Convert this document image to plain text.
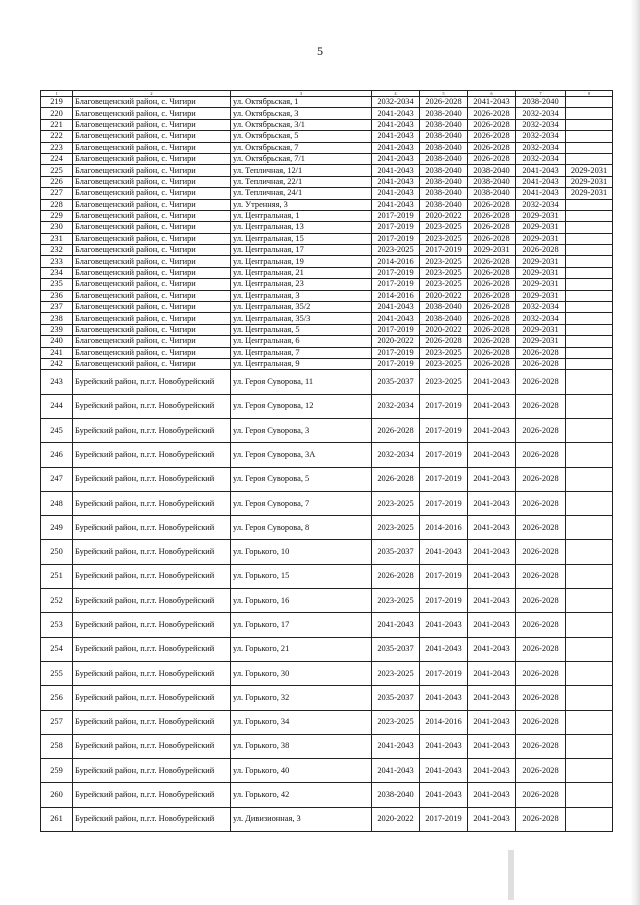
5
1	2	3	4	5	6	7	8
219	Благовещенский район, с. Чигири	ул. Октябрьская, 1	2032-2034	2026-2028	2041-2043	2038-2040	
220	Благовещенский район, с. Чигири	ул. Октябрьская, 3	2041-2043	2038-2040	2026-2028	2032-2034	
221	Благовещенский район, с. Чигири	ул. Октябрьская, 3/1	2041-2043	2038-2040	2026-2028	2032-2034	
222	Благовещенский район, с. Чигири	ул. Октябрьская, 5	2041-2043	2038-2040	2026-2028	2032-2034	
223	Благовещенский район, с. Чигири	ул. Октябрьская, 7	2041-2043	2038-2040	2026-2028	2032-2034	
224	Благовещенский район, с. Чигири	ул. Октябрьская, 7/1	2041-2043	2038-2040	2026-2028	2032-2034	
225	Благовещенский район, с. Чигири	ул. Тепличная, 12/1	2041-2043	2038-2040	2038-2040	2041-2043	2029-2031
226	Благовещенский район, с. Чигири	ул. Тепличная, 22/1	2041-2043	2038-2040	2038-2040	2041-2043	2029-2031
227	Благовещенский район, с. Чигири	ул. Тепличная, 24/1	2041-2043	2038-2040	2038-2040	2041-2043	2029-2031
228	Благовещенский район, с. Чигири	ул. Утренняя, 3	2041-2043	2038-2040	2026-2028	2032-2034	
229	Благовещенский район, с. Чигири	ул. Центральная, 1	2017-2019	2020-2022	2026-2028	2029-2031	
230	Благовещенский район, с. Чигири	ул. Центральная, 13	2017-2019	2023-2025	2026-2028	2029-2031	
231	Благовещенский район, с. Чигири	ул. Центральная, 15	2017-2019	2023-2025	2026-2028	2029-2031	
232	Благовещенский район, с. Чигири	ул. Центральная, 17	2023-2025	2017-2019	2029-2031	2026-2028	
233	Благовещенский район, с. Чигири	ул. Центральная, 19	2014-2016	2023-2025	2026-2028	2029-2031	
234	Благовещенский район, с. Чигири	ул. Центральная, 21	2017-2019	2023-2025	2026-2028	2029-2031	
235	Благовещенский район, с. Чигири	ул. Центральная, 23	2017-2019	2023-2025	2026-2028	2029-2031	
236	Благовещенский район, с. Чигири	ул. Центральная, 3	2014-2016	2020-2022	2026-2028	2029-2031	
237	Благовещенский район, с. Чигири	ул. Центральная, 35/2	2041-2043	2038-2040	2026-2028	2032-2034	
238	Благовещенский район, с. Чигири	ул. Центральная, 35/3	2041-2043	2038-2040	2026-2028	2032-2034	
239	Благовещенский район, с. Чигири	ул. Центральная, 5	2017-2019	2020-2022	2026-2028	2029-2031	
240	Благовещенский район, с. Чигири	ул. Центральная, 6	2020-2022	2026-2028	2026-2028	2029-2031	
241	Благовещенский район, с. Чигири	ул. Центральная, 7	2017-2019	2023-2025	2026-2028	2026-2028	
242	Благовещенский район, с. Чигири	ул. Центральная, 9	2017-2019	2023-2025	2026-2028	2026-2028	
243	Бурейский район, п.г.т. Новобурейский	ул. Героя Суворова, 11	2035-2037	2023-2025	2041-2043	2026-2028	
244	Бурейский район, п.г.т. Новобурейский	ул. Героя Суворова, 12	2032-2034	2017-2019	2041-2043	2026-2028	
245	Бурейский район, п.г.т. Новобурейский	ул. Героя Суворова, 3	2026-2028	2017-2019	2041-2043	2026-2028	
246	Бурейский район, п.г.т. Новобурейский	ул. Героя Суворова, 3А	2032-2034	2017-2019	2041-2043	2026-2028	
247	Бурейский район, п.г.т. Новобурейский	ул. Героя Суворова, 5	2026-2028	2017-2019	2041-2043	2026-2028	
248	Бурейский район, п.г.т. Новобурейский	ул. Героя Суворова, 7	2023-2025	2017-2019	2041-2043	2026-2028	
249	Бурейский район, п.г.т. Новобурейский	ул. Героя Суворова, 8	2023-2025	2014-2016	2041-2043	2026-2028	
250	Бурейский район, п.г.т. Новобурейский	ул. Горького, 10	2035-2037	2041-2043	2041-2043	2026-2028	
251	Бурейский район, п.г.т. Новобурейский	ул. Горького, 15	2026-2028	2017-2019	2041-2043	2026-2028	
252	Бурейский район, п.г.т. Новобурейский	ул. Горького, 16	2023-2025	2017-2019	2041-2043	2026-2028	
253	Бурейский район, п.г.т. Новобурейский	ул. Горького, 17	2041-2043	2041-2043	2041-2043	2026-2028	
254	Бурейский район, п.г.т. Новобурейский	ул. Горького, 21	2035-2037	2041-2043	2041-2043	2026-2028	
255	Бурейский район, п.г.т. Новобурейский	ул. Горького, 30	2023-2025	2017-2019	2041-2043	2026-2028	
256	Бурейский район, п.г.т. Новобурейский	ул. Горького, 32	2035-2037	2041-2043	2041-2043	2026-2028	
257	Бурейский район, п.г.т. Новобурейский	ул. Горького, 34	2023-2025	2014-2016	2041-2043	2026-2028	
258	Бурейский район, п.г.т. Новобурейский	ул. Горького, 38	2041-2043	2041-2043	2041-2043	2026-2028	
259	Бурейский район, п.г.т. Новобурейский	ул. Горького, 40	2041-2043	2041-2043	2041-2043	2026-2028	
260	Бурейский район, п.г.т. Новобурейский	ул. Горького, 42	2038-2040	2041-2043	2041-2043	2026-2028	
261	Бурейский район, п.г.т. Новобурейский	ул. Дивизионная, 3	2020-2022	2017-2019	2041-2043	2026-2028	
